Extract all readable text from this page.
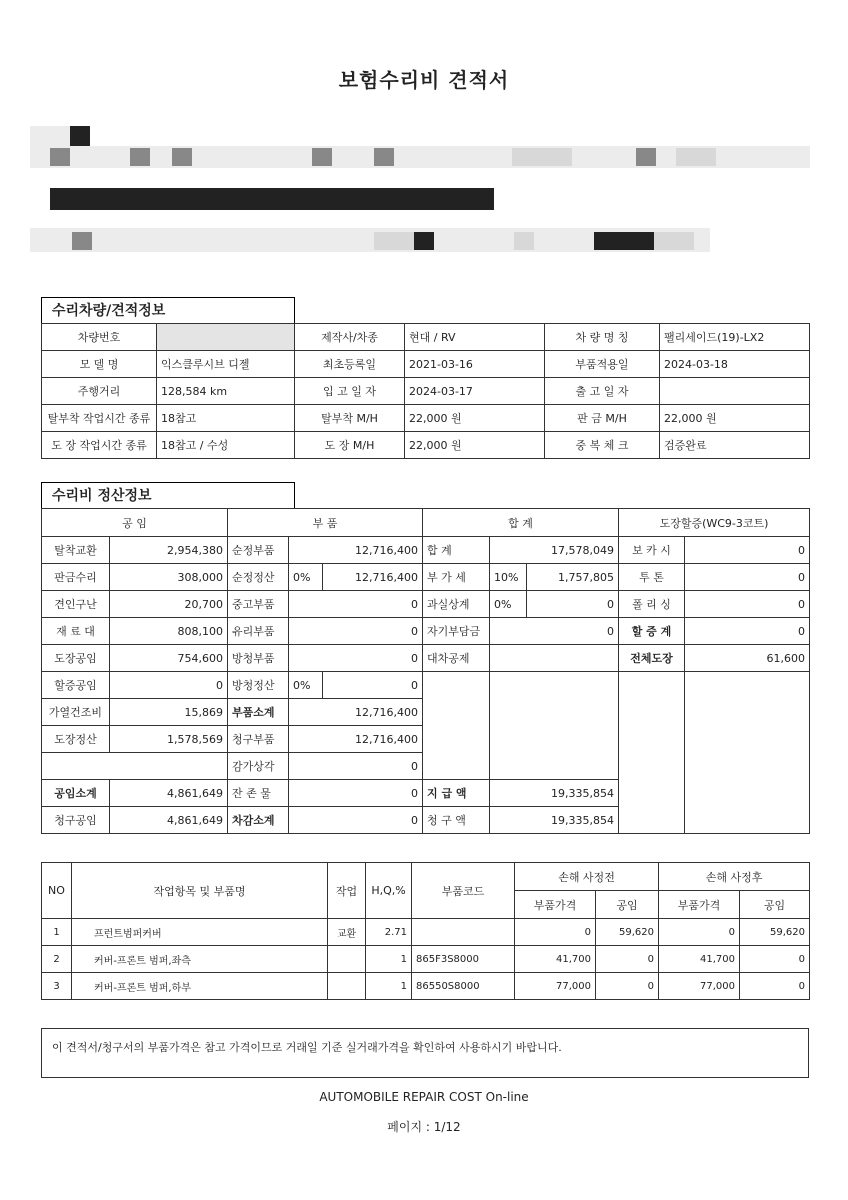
보험수리비 견적서
수리차량/견적정보
차량번호		제작사/차종	현대 / RV	차 량 명 칭	팰리세이드(19)-LX2
모 델 명	익스클루시브 디젤	최초등록일	2021-03-16	부품적용일	2024-03-18
주행거리	128,584 km	입 고 일 자	2024-03-17	출 고 일 자	
탈부착 작업시간 종류	18참고	탈부착 M/H	22,000 원	판 금 M/H	22,000 원
도 장 작업시간 종류	18참고 / 수성	도 장 M/H	22,000 원	중 복 체 크	검증완료
수리비 정산정보
공 임		부 품			합 계			도장할증(WC9-3코트)	
탈착교환	2,954,380	순정부품	12,716,400		합 계	17,578,049		보 카 시	0
판금수리	308,000	순정정산	0%	12,716,400	부 가 세	10%	1,757,805	투 톤	0
견인구난	20,700	중고부품	0		과실상계	0%	0	폴 리 싱	0
재 료 대	808,100	유리부품	0		자기부담금	0		할 증 계	0
도장공임	754,600	방청부품	0		대차공제			전체도장	61,600
할증공임	0	방청정산	0%	0					
가열건조비	15,869	부품소계	12,716,400						
도장정산	1,578,569	청구부품	12,716,400						
		감가상각	0						
공임소계	4,861,649	잔 존 물	0		지 급 액	19,335,854			
청구공임	4,861,649	차감소계	0		청 구 액	19,335,854			
NO	작업항목 및 부품명	작업	H,Q,%	부품코드	손해 사정전		손해 사정후	
					부품가격	공임	부품가격	공임
1	프런트범퍼커버	교환	2.71		0	59,620	0	59,620
2	커버-프론트 범퍼,좌측		1	865F3S8000	41,700	0	41,700	0
3	커버-프론트 범퍼,하부		1	86550S8000	77,000	0	77,000	0
이 견적서/청구서의 부품가격은 참고 가격이므로 거래일 기준 실거래가격을 확인하여 사용하시기 바랍니다.
AUTOMOBILE REPAIR COST On-line
페이지 : 1/12
